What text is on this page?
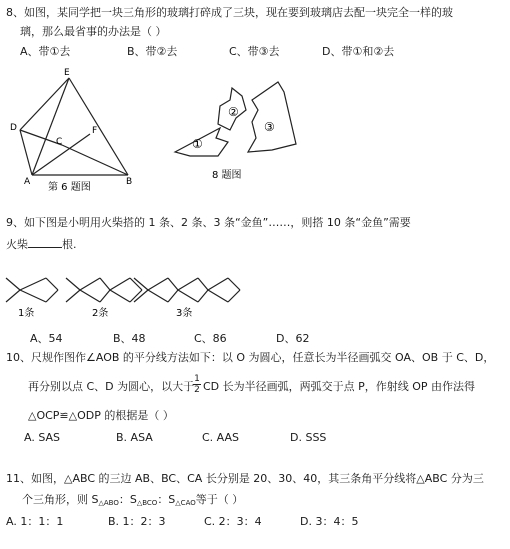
8、如图，某同学把一块三角形的玻璃打碎成了三块，现在要到玻璃店去配一块完全一样的玻
璃，那么最省事的办法是（ ）
A、带①去	B、带②去	C、带③去	D、带①和②去
E
D
C
F
A	B
第 6 题图
②
①
③
8 题图
9、如下图是小明用火柴搭的 1 条、2 条、3 条“金鱼”……，则搭 10 条“金鱼”需要
火柴	根.
1条	2条	3条
A、54	B、48	C、86	D、62
10、尺规作图作∠AOB 的平分线方法如下：以 O 为圆心，任意长为半径画弧交 OA、OB 于 C、D，
再分别以点 C、D 为圆心，以大于
$\frac{1}{2}$ CD 长为半径画弧，两弧交于点 P，作射线 OP 由作法得
△OCP≌△ODP 的根据是（ ）
A. SAS	B. ASA	C. AAS	D. SSS
11、如图，△ABC 的三边 AB、BC、CA 长分别是 20、30、40，其三条角平分线将△ABC 分为三
个三角形，则 $S_{\triangle ABO}$：$S_{\triangle BCO}$：$S_{\triangle CAO}$等于（ ）
A. 1：1：1	B. 1：2：3	C. 2：3：4	D. 3：4：5
